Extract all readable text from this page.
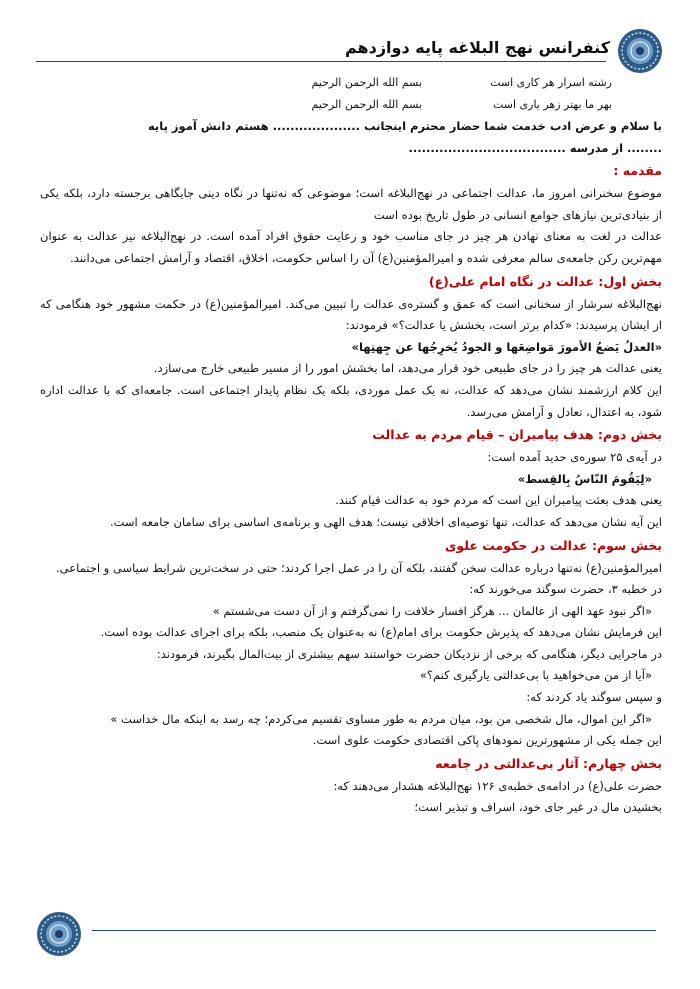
کنفرانس نهج البلاغه پایه دوازدهم
رشته اسرار هر کاری است
بسم الله الرحمن الرحیم
بهر ما بهتر زهر یاری است
بسم الله الرحمن الرحیم

با سلام و عرض ادب خدمت شما حضار محترم اینجانب .................... هستم دانش آموز پایه

........ از مدرسه ....................................

مقدمه :

موضوع سخنرانی امروز ما، عدالت اجتماعی در نهج‌البلاغه است؛ موضوعی که نه‌تنها در نگاه دینی جایگاهی برجسته دارد، بلکه یکی از بنیادی‌ترین نیازهای جوامع انسانی در طول تاریخ بوده است

عدالت در لغت به معنای نهادن هر چیز در جای مناسب خود و رعایت حقوق افراد آمده است. در نهج‌البلاغه نیز عدالت به عنوان مهم‌ترین رکن جامعه‌ی سالم معرفی شده و امیرالمؤمنین(ع) آن را اساس حکومت، اخلاق، اقتصاد و آرامش اجتماعی می‌دانند.

بخش اول: عدالت در نگاه امام علی(ع)

نهج‌البلاغه سرشار از سخنانی است که عمق و گستره‌ی عدالت را تبیین می‌کند. امیرالمؤمنین(ع) در حکمت مشهور خود هنگامی که از ایشان پرسیدند: «کدام برتر است، بخشش یا عدالت؟» فرمودند:

«العدلُ یَضعُ الأمورَ مَواضِعَها و الجودُ یُخرِجُها عن جِهتِها»

یعنی عدالت هر چیز را در جای طبیعی خود قرار می‌دهد، اما بخشش امور را از مسیر طبیعی خارج می‌سازد.

این کلام ارزشمند نشان می‌دهد که عدالت، نه یک عمل موردی، بلکه یک نظام پایدار اجتماعی است. جامعه‌ای که با عدالت اداره شود، به اعتدال، تعادل و آرامش می‌رسد.

بخش دوم: هدف پیامبران – قیام مردم به عدالت

در آیه‌ی ۲۵ سوره‌ی حدید آمده است:

«لِیَقُومَ النّاسُ بِالقِسط»

یعنی هدف بعثت پیامبران این است که مردم خود به عدالت قیام کنند.

این آیه نشان می‌دهد که عدالت، تنها توصیه‌ای اخلاقی نیست؛ هدف الهی و برنامه‌ی اساسی برای سامان جامعه است.

بخش سوم: عدالت در حکومت علوی

امیرالمؤمنین(ع) نه‌تنها درباره عدالت سخن گفتند، بلکه آن را در عمل اجرا کردند؛ حتی در سخت‌ترین شرایط سیاسی و اجتماعی.

در خطبه ۳، حضرت سوگند می‌خورند که:

«اگر نبود عهد الهی از عالمان ... هرگز افسار خلافت را نمی‌گرفتم و از آن دست می‌شستم »

این فرمایش نشان می‌دهد که پذیرش حکومت برای امام(ع) نه به‌عنوان یک منصب، بلکه برای اجرای عدالت بوده است.

در ماجرایی دیگر، هنگامی که برخی از نزدیکان حضرت خواستند سهم بیشتری از بیت‌المال بگیرند، فرمودند:

«آیا از من می‌خواهید با بی‌عدالتی یارگیری کنم؟»

و سپس سوگند یاد کردند که:

«اگر این اموال، مال شخصی من بود، میان مردم به طور مساوی تقسیم می‌کردم؛ چه رسد به اینکه مال خداست »

این جمله یکی از مشهورترین نمودهای پاکی اقتصادی حکومت علوی است.

بخش چهارم: آثار بی‌عدالتی در جامعه

حضرت علی(ع) در ادامه‌ی خطبه‌ی ۱۲۶ نهج‌البلاغه هشدار می‌دهند که:

بخشیدن مال در غیر جای خود، اسراف و تبذیر است؛
